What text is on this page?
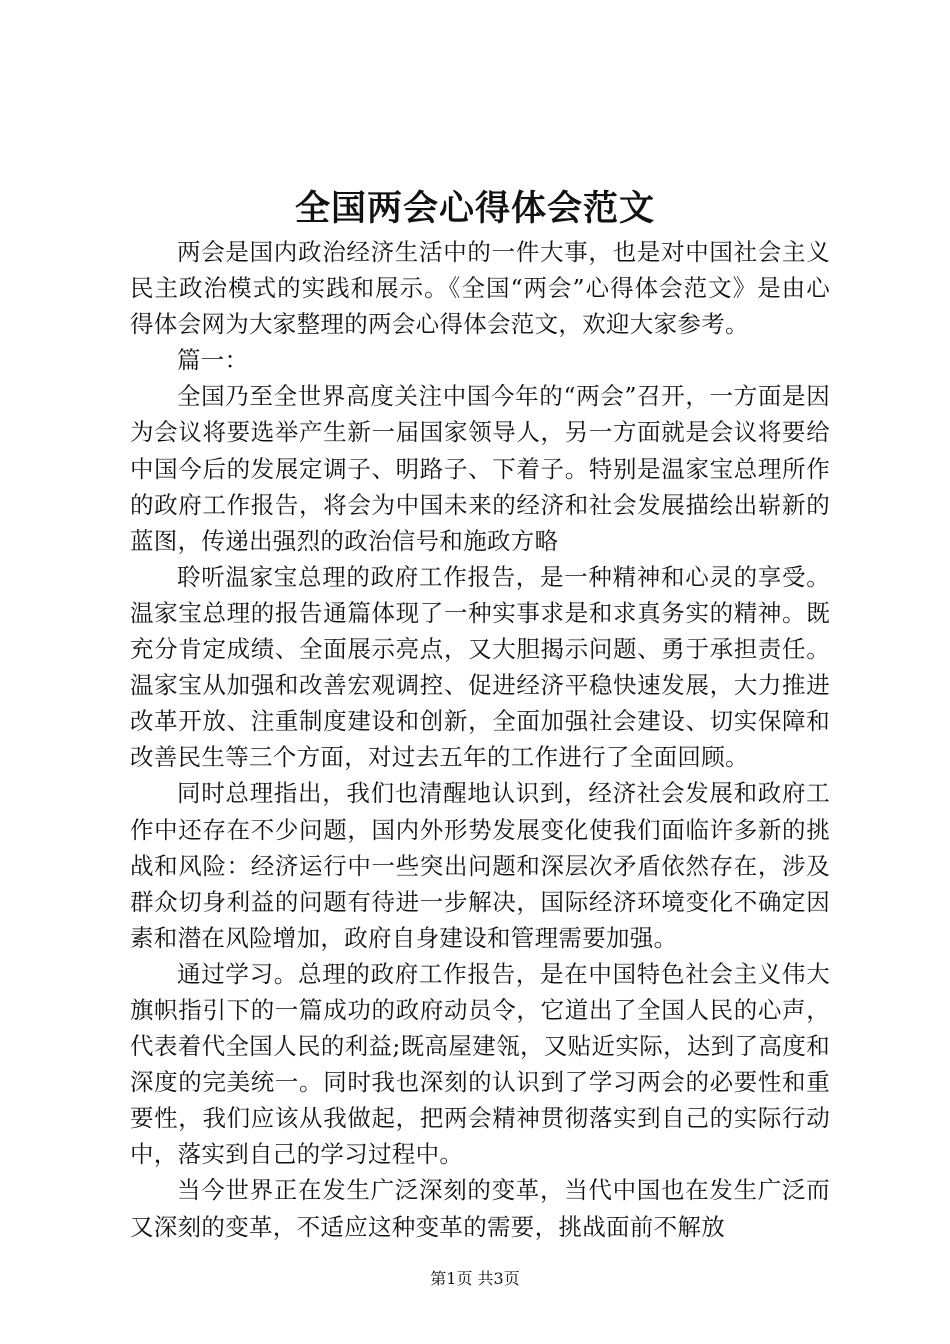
全国两会心得体会范文

两会是国内政治经济生活中的一件大事，也是对中国社会主义民主政治模式的实践和展示。《全国“两会”心得体会范文》是由心得体会网为大家整理的两会心得体会范文，欢迎大家参考。

篇一：

全国乃至全世界高度关注中国今年的“两会”召开，一方面是因为会议将要选举产生新一届国家领导人，另一方面就是会议将要给中国今后的发展定调子、明路子、下着子。特别是温家宝总理所作的政府工作报告，将会为中国未来的经济和社会发展描绘出崭新的蓝图，传递出强烈的政治信号和施政方略

聆听温家宝总理的政府工作报告，是一种精神和心灵的享受。温家宝总理的报告通篇体现了一种实事求是和求真务实的精神。既充分肯定成绩、全面展示亮点，又大胆揭示问题、勇于承担责任。温家宝从加强和改善宏观调控、促进经济平稳快速发展，大力推进改革开放、注重制度建设和创新，全面加强社会建设、切实保障和改善民生等三个方面，对过去五年的工作进行了全面回顾。

同时总理指出，我们也清醒地认识到，经济社会发展和政府工作中还存在不少问题，国内外形势发展变化使我们面临许多新的挑战和风险：经济运行中一些突出问题和深层次矛盾依然存在，涉及群众切身利益的问题有待进一步解决，国际经济环境变化不确定因素和潜在风险增加，政府自身建设和管理需要加强。

通过学习。总理的政府工作报告，是在中国特色社会主义伟大旗帜指引下的一篇成功的政府动员令，它道出了全国人民的心声，代表着代全国人民的利益;既高屋建瓴，又贴近实际，达到了高度和深度的完美统一。同时我也深刻的认识到了学习两会的必要性和重要性，我们应该从我做起，把两会精神贯彻落实到自己的实际行动中，落实到自己的学习过程中。

当今世界正在发生广泛深刻的变革，当代中国也在发生广泛而又深刻的变革，不适应这种变革的需要，挑战面前不解放

第1页 共3页
